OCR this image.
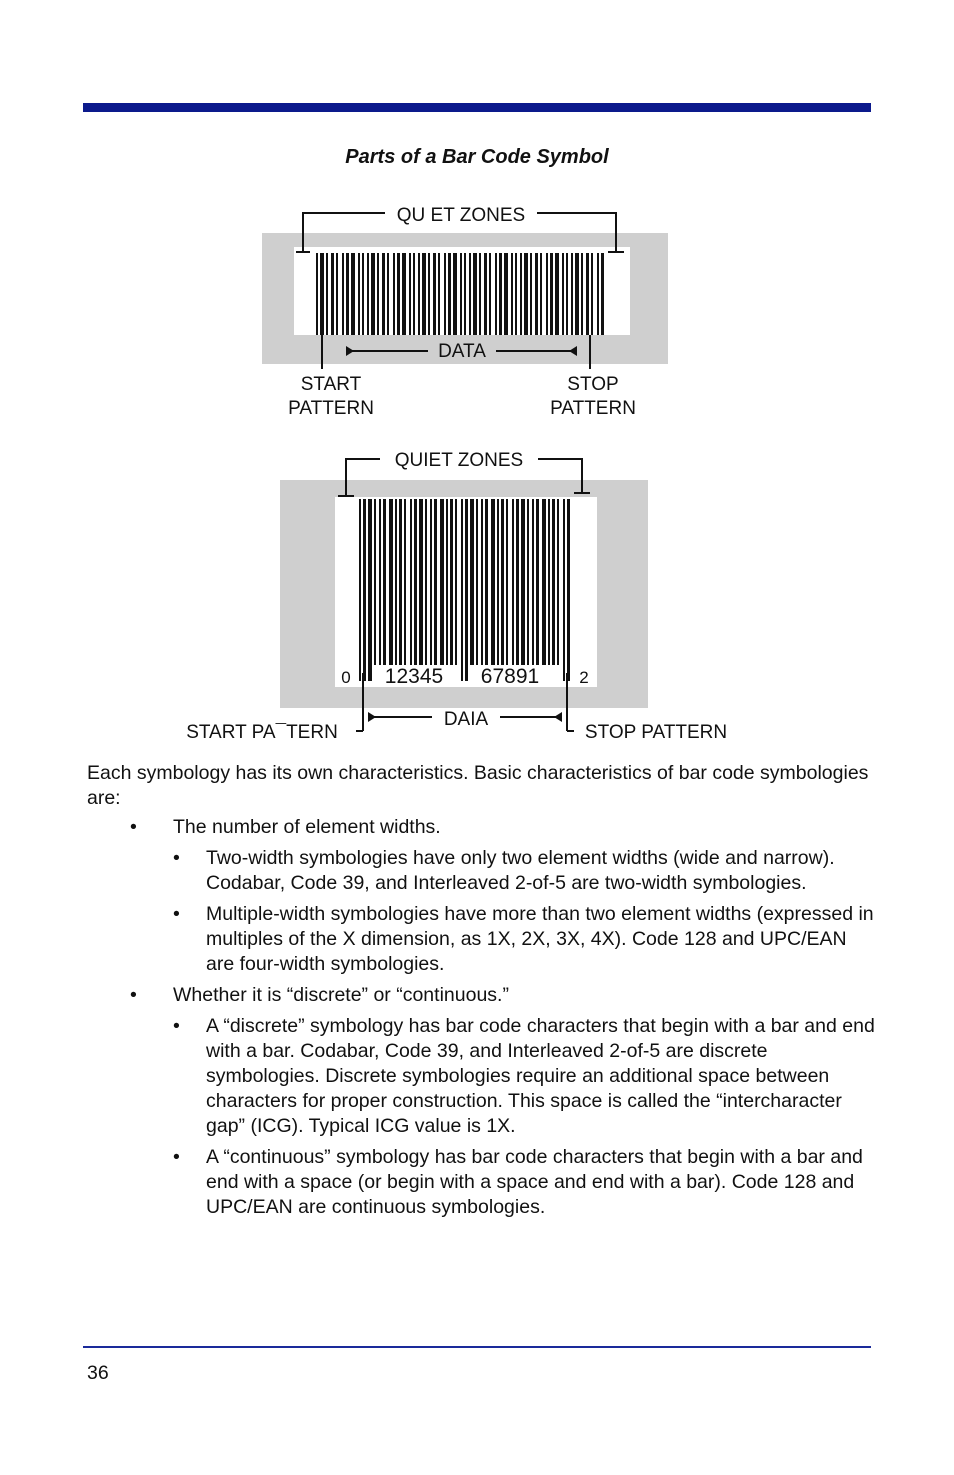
Parts of a Bar Code Symbol
QU ET ZONES
DATA
START
PATTERN
STOP
PATTERN
QUIET ZONES
0 12345 67891 2
DAIA
START PA¯TERN	STOP PATTERN

Each symbology has its own characteristics. Basic characteristics of bar code symbologies are:

• The number of element widths.
• Two-width symbologies have only two element widths (wide and narrow). Codabar, Code 39, and Interleaved 2-of-5 are two-width symbologies.
• Multiple-width symbologies have more than two element widths (expressed in multiples of the X dimension, as 1X, 2X, 3X, 4X). Code 128 and UPC/EAN are four-width symbologies.
• Whether it is “discrete” or “continuous.”
• A “discrete” symbology has bar code characters that begin with a bar and end with a bar. Codabar, Code 39, and Interleaved 2-of-5 are discrete symbologies. Discrete symbologies require an additional space between characters for proper construction. This space is called the “intercharacter gap” (ICG). Typical ICG value is 1X.
• A “continuous” symbology has bar code characters that begin with a bar and end with a space (or begin with a space and end with a bar). Code 128 and UPC/EAN are continuous symbologies.
36
